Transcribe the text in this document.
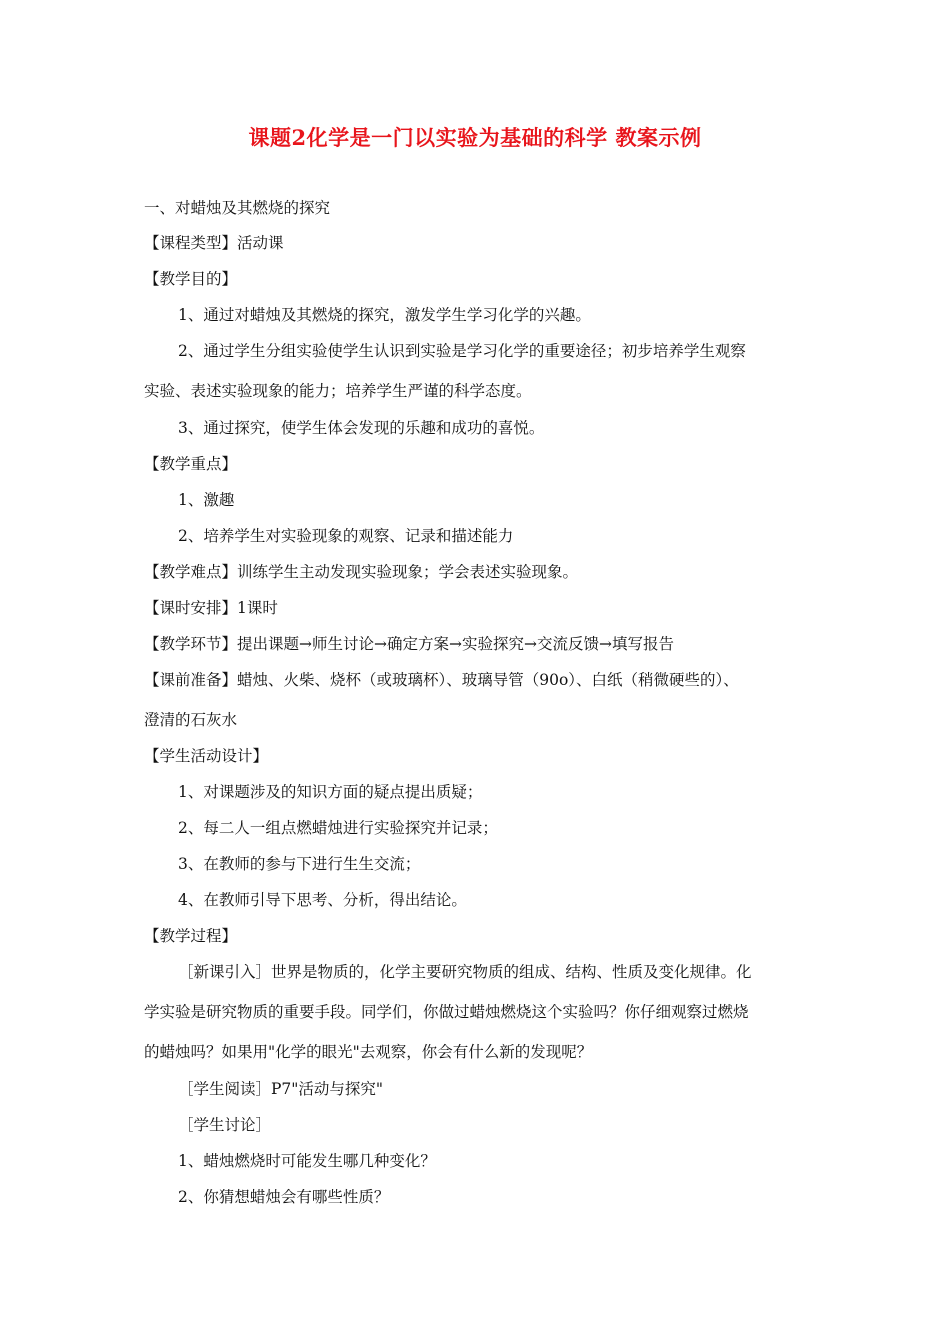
课题2化学是一门以实验为基础的科学 教案示例
一、对蜡烛及其燃烧的探究
【课程类型】活动课
【教学目的】
1、通过对蜡烛及其燃烧的探究，激发学生学习化学的兴趣。
2、通过学生分组实验使学生认识到实验是学习化学的重要途径；初步培养学生观察
实验、表述实验现象的能力；培养学生严谨的科学态度。
3、通过探究，使学生体会发现的乐趣和成功的喜悦。
【教学重点】
1、激趣
2、培养学生对实验现象的观察、记录和描述能力
【教学难点】训练学生主动发现实验现象；学会表述实验现象。
【课时安排】1课时
【教学环节】提出课题→师生讨论→确定方案→实验探究→交流反馈→填写报告
【课前准备】蜡烛、火柴、烧杯（或玻璃杯）、玻璃导管（90o）、白纸（稍微硬些的）、
澄清的石灰水
【学生活动设计】
1、对课题涉及的知识方面的疑点提出质疑；
2、每二人一组点燃蜡烛进行实验探究并记录；
3、在教师的参与下进行生生交流；
4、在教师引导下思考、分析，得出结论。
【教学过程】
［新课引入］世界是物质的，化学主要研究物质的组成、结构、性质及变化规律。化
学实验是研究物质的重要手段。同学们，你做过蜡烛燃烧这个实验吗？你仔细观察过燃烧
的蜡烛吗？如果用"化学的眼光"去观察，你会有什么新的发现呢？
［学生阅读］P7"活动与探究"
［学生讨论］
1、蜡烛燃烧时可能发生哪几种变化？
2、你猜想蜡烛会有哪些性质？
